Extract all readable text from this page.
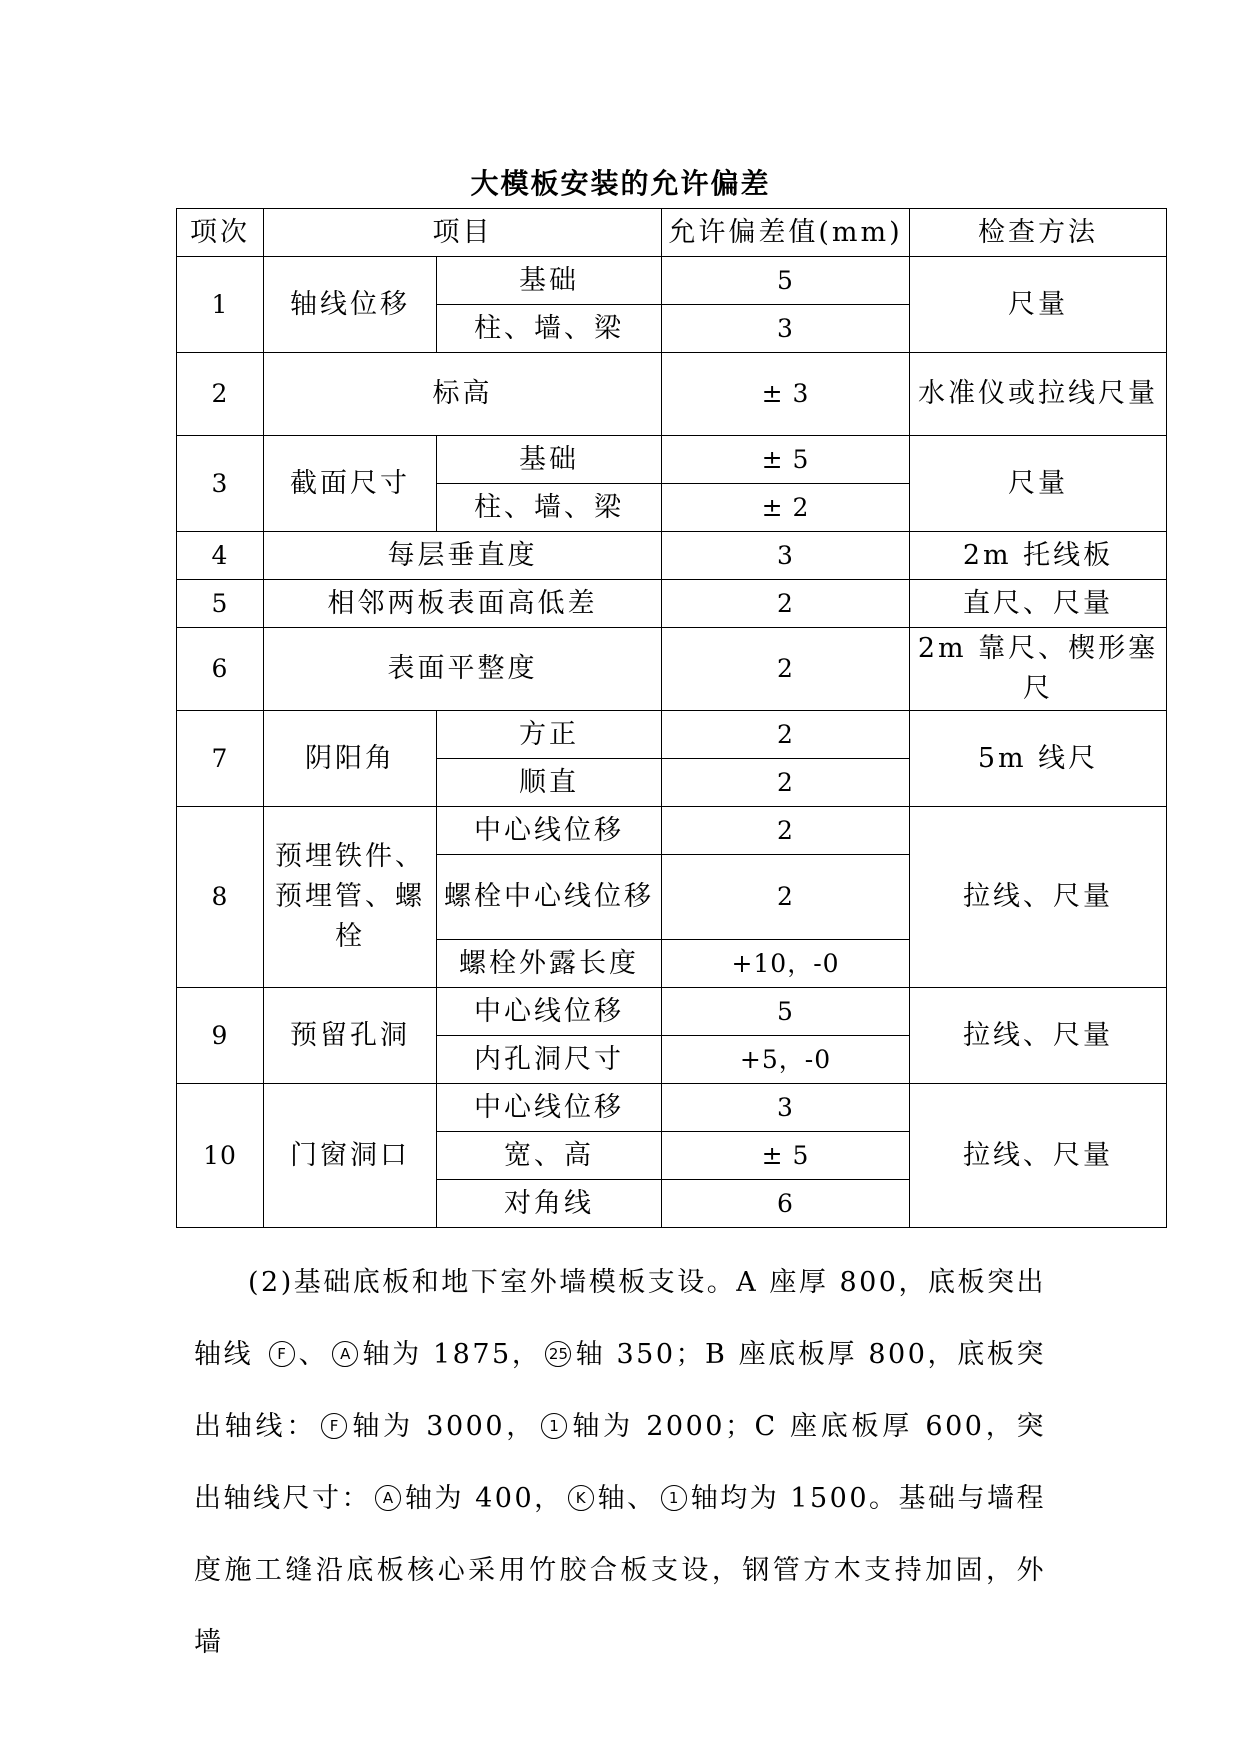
大模板安装的允许偏差
项次	项目		允许偏差值(mm)	检查方法
1	轴线位移	基础	5	尺量
		柱、墙、梁	3	
2	标高		± 3	水准仪或拉线尺量
3	截面尺寸	基础	± 5	尺量
		柱、墙、梁	± 2	
4	每层垂直度		3	2m 托线板
5	相邻两板表面高低差		2	直尺、尺量
6	表面平整度		2	2m 靠尺、楔形塞尺
7	阴阳角	方正	2	5m 线尺
		顺直	2	
8	预埋铁件、预埋管、螺栓	中心线位移	2	拉线、尺量
		螺栓中心线位移	2	
		螺栓外露长度	+10，-0	
9	预留孔洞	中心线位移	5	拉线、尺量
		内孔洞尺寸	+5，-0	
10	门窗洞口	中心线位移	3	拉线、尺量
		宽、高	± 5	
		对角线	6	

(2)基础底板和地下室外墙模板支设。A 座厚 800，底板突出轴线 F 、 A 轴为 1875， 25 轴 350；B 座底板厚 800，底板突出轴线： F 轴为 3000， 1 轴为 2000；C 座底板厚 600，突出轴线尺寸： A 轴为 400， K 轴、 1 轴均为 1500。基础与墙程度施工缝沿底板核心采用竹胶合板支设，钢管方木支持加固，外墙
